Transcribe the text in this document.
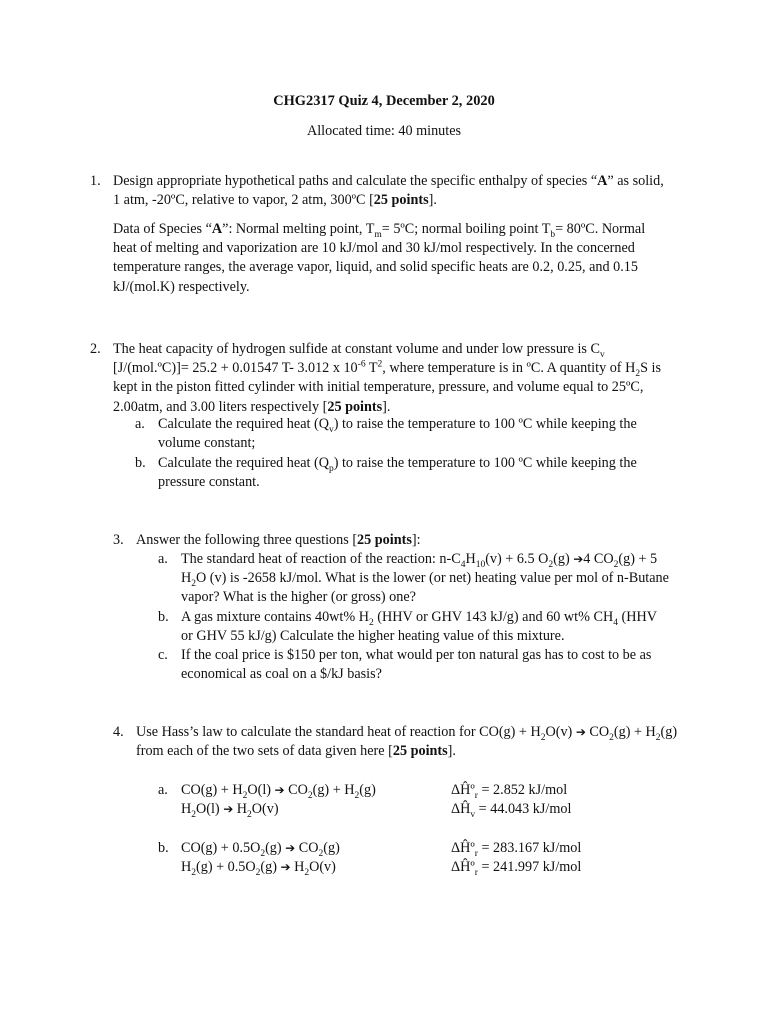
CHG2317 Quiz 4, December 2, 2020
Allocated time: 40 minutes
1. Design appropriate hypothetical paths and calculate the specific enthalpy of species “A” as solid, 1 atm, -20ºC, relative to vapor, 2 atm, 300ºC [25 points].
Data of Species “A”: Normal melting point, $T_m=$ 5ºC; normal boiling point $T_b=$ 80ºC. Normal heat of melting and vaporization are 10 kJ/mol and 30 kJ/mol respectively. In the concerned temperature ranges, the average vapor, liquid, and solid specific heats are 0.2, 0.25, and 0.15 kJ/(mol.K) respectively.
2. The heat capacity of hydrogen sulfide at constant volume and under low pressure is $C_v$ [J/(mol.ºC)]= 25.2 + 0.01547 T- 3.012 x $10^{-6}$ $T^2$, where temperature is in ºC. A quantity of $H_2S$ is kept in the piston fitted cylinder with initial temperature, pressure, and volume equal to 25ºC, 2.00atm, and 3.00 liters respectively [25 points].
a. Calculate the required heat $(Q_v)$ to raise the temperature to 100 ºC while keeping the volume constant;
b. Calculate the required heat $(Q_p)$ to raise the temperature to 100 ºC while keeping the pressure constant.
3. Answer the following three questions [25 points]:
a. The standard heat of reaction of the reaction: $n-C_4H_{10}(v) + 6.5$ $O_2(g)$ ➔4 $CO_2(g) + 5$ $H_2O$ (v) is -2658 kJ/mol. What is the lower (or net) heating value per mol of n-Butane vapor? What is the higher (or gross) one?
b. A gas mixture contains 40wt% $H_2$ (HHV or GHV 143 kJ/g) and 60 wt% $CH_4$ (HHV or GHV 55 kJ/g) Calculate the higher heating value of this mixture.
c. If the coal price is $150 per ton, what would per ton natural gas has to cost to be as economical as coal on a $/kJ basis?
4. Use Hass’s law to calculate the standard heat of reaction for $CO(g) + H_2O(v)$ ➔ $CO_2(g) + H_2(g)$ from each of the two sets of data given here [25 points].
a. $CO(g) + H_2O(l)$ ➔ $CO_2(g) + H_2(g)$	ΔĤº$_r$ = 2.852 kJ/mol
$H_2O(l)$ ➔ $H_2O(v)$	$\Delta Ĥ_v = 44.043$ kJ/mol
b. $CO(g) + 0.5O_2(g)$ ➔ $CO_2(g)$	ΔĤº$_r$ = 283.167 kJ/mol
$H_2(g) + 0.5O_2(g)$ ➔ $H_2O(v)$	ΔĤº$_r$ = 241.997 kJ/mol
